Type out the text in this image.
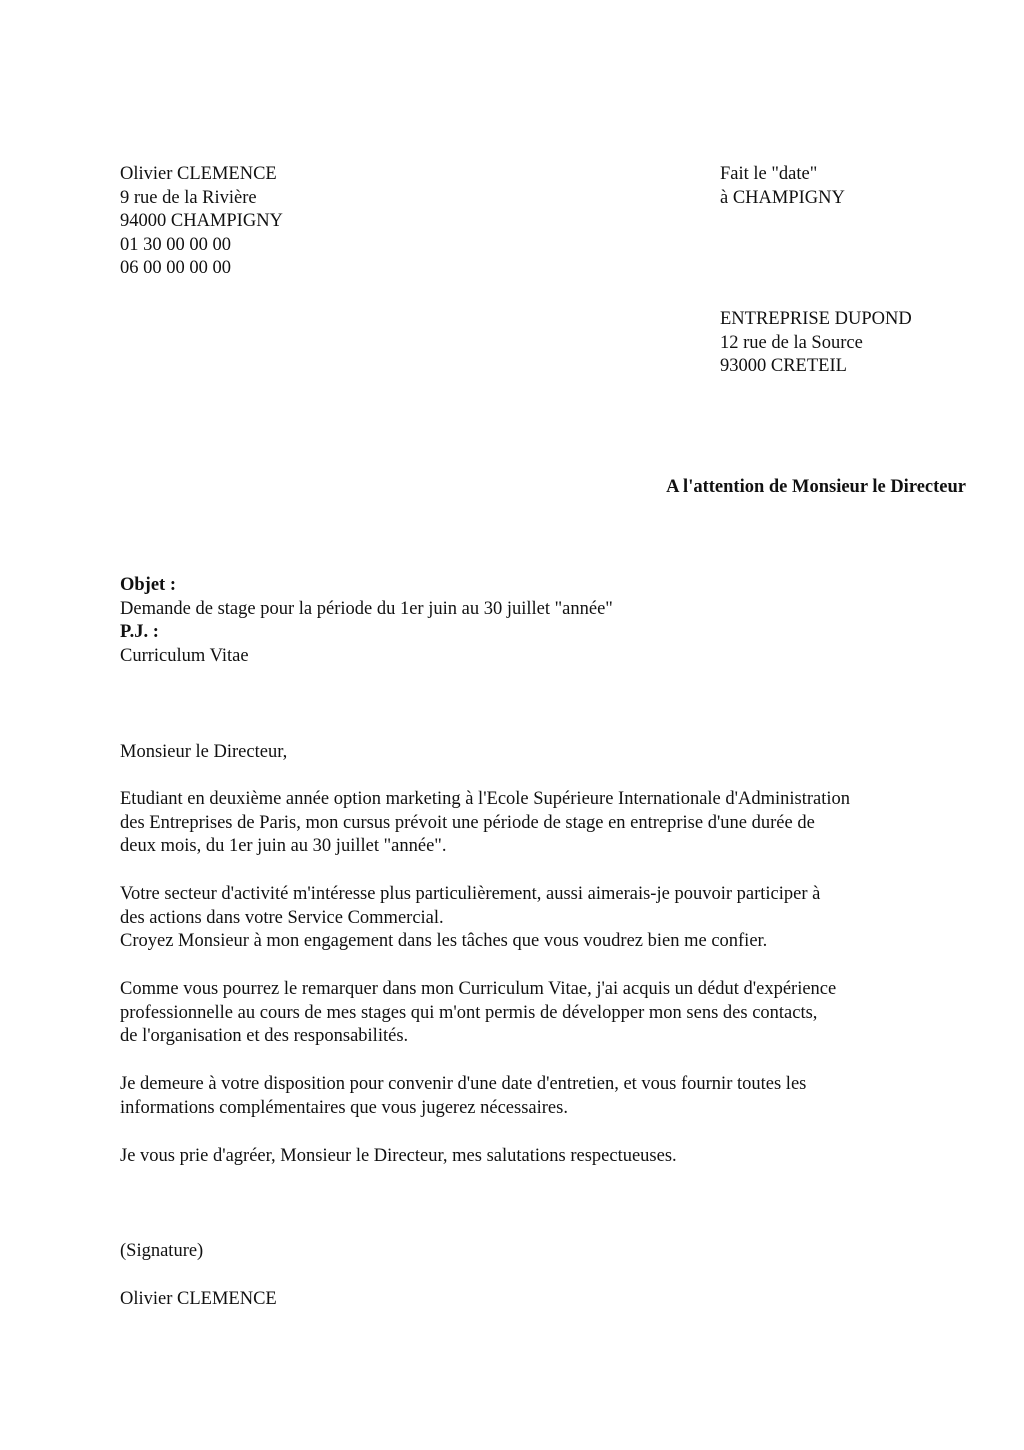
Olivier CLEMENCE
9 rue de la Rivière
94000 CHAMPIGNY
01 30 00 00 00
06 00 00 00 00
Fait le "date"
à CHAMPIGNY
ENTREPRISE DUPOND
12 rue de la Source
93000 CRETEIL
A l'attention de Monsieur le Directeur
Objet :
Demande de stage pour la période du 1er juin au 30 juillet "année"
P.J. :
Curriculum Vitae
Monsieur le Directeur,
Etudiant en deuxième année option marketing à l'Ecole Supérieure Internationale d'Administration
des Entreprises de Paris, mon cursus prévoit une période de stage en entreprise d'une durée de
deux mois, du 1er juin au 30 juillet "année".
Votre secteur d'activité m'intéresse plus particulièrement, aussi aimerais-je pouvoir participer à
des actions dans votre Service Commercial.
Croyez Monsieur à mon engagement dans les tâches que vous voudrez bien me confier.
Comme vous pourrez le remarquer dans mon Curriculum Vitae, j'ai acquis un dédut d'expérience
professionnelle au cours de mes stages qui m'ont permis de développer mon sens des contacts,
de l'organisation et des responsabilités.
Je demeure à votre disposition pour convenir d'une date d'entretien, et vous fournir toutes les
informations complémentaires que vous jugerez nécessaires.
Je vous prie d'agréer, Monsieur le Directeur, mes salutations respectueuses.
(Signature)
Olivier CLEMENCE
